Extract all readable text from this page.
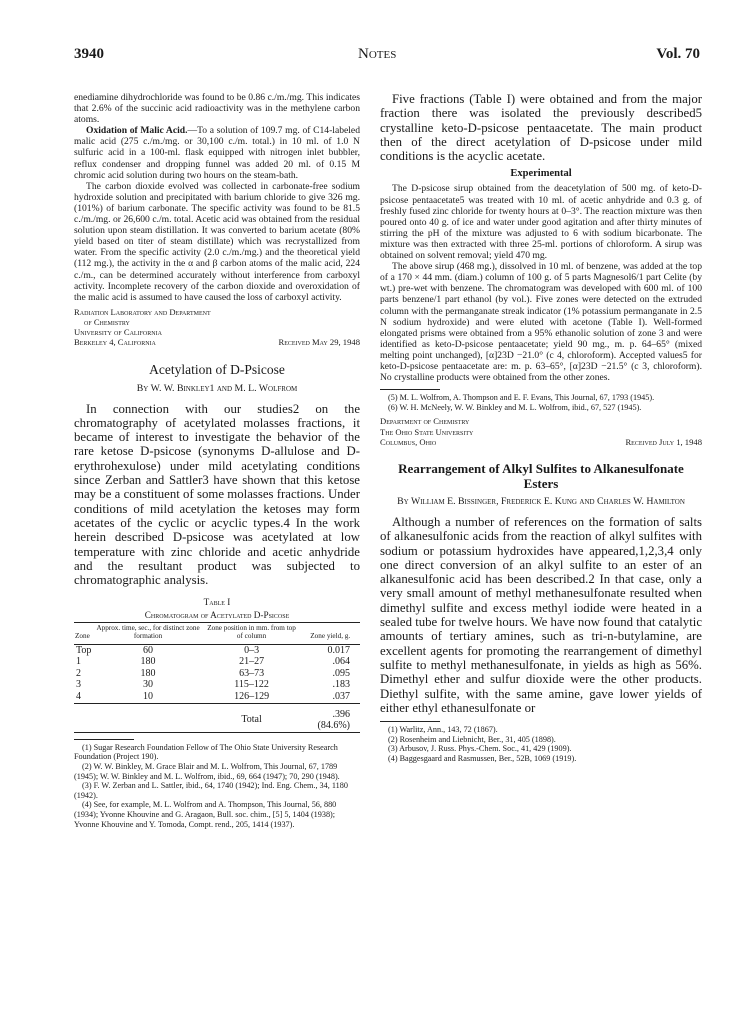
3940	Notes	Vol. 70

enediamine dihydrochloride was found to be 0.86 c./m./mg. This indicates that 2.6% of the succinic acid radioactivity was in the methylene carbon atoms.

Oxidation of Malic Acid.—To a solution of 109.7 mg. of C14-labeled malic acid (275 c./m./mg. or 30,100 c./m. total.) in 10 ml. of 1.0 N sulfuric acid in a 100-ml. flask equipped with nitrogen inlet bubbler, reflux condenser and dropping funnel was added 20 ml. of 0.15 M chromic acid solution during two hours on the steam-bath.

The carbon dioxide evolved was collected in carbonate-free sodium hydroxide solution and precipitated with barium chloride to give 326 mg. (101%) of barium carbonate. The specific activity was found to be 81.5 c./m./mg. or 26,600 c./m. total. Acetic acid was obtained from the residual solution upon steam distillation. It was converted to barium acetate (80% yield based on titer of steam distillate) which was recrystallized from water. From the specific activity (2.0 c./m./mg.) and the theoretical yield (112 mg.), the activity in the α and β carbon atoms of the malic acid, 224 c./m., can be determined accurately without interference from carboxyl activity. Incomplete recovery of the carbon dioxide and overoxidation of the malic acid is assumed to have caused the loss of carboxyl activity.

Radiation Laboratory and Department
of Chemistry
University of California
Berkeley 4, California	Received May 29, 1948
Acetylation of D-Psicose
By W. W. Binkley1 and M. L. Wolfrom

In connection with our studies2 on the chromatography of acetylated molasses fractions, it became of interest to investigate the behavior of the rare ketose D-psicose (synonyms D-allulose and D-erythrohexulose) under mild acetylating conditions since Zerban and Sattler3 have shown that this ketose may be a constituent of some molasses fractions. Under conditions of mild acetylation the ketoses may form acetates of the cyclic or acyclic types.4 In the work herein described D-psicose was acetylated at low temperature with zinc chloride and acetic anhydride and the resultant product was subjected to chromatographic analysis.

Table I
Chromatogram of Acetylated D-Psicose
Zone	Approx. time, sec., for distinct zone formation	Zone position in mm. from top of column	Zone yield, g.
Top	60	0–3	0.017
1	180	21–27	.064
2	180	63–73	.095
3	30	115–122	.183
4	10	126–129	.037
		Total	.396 (84.6%)
(1) Sugar Research Foundation Fellow of The Ohio State University Research Foundation (Project 190).
(2) W. W. Binkley, M. Grace Blair and M. L. Wolfrom, This Journal, 67, 1789 (1945); W. W. Binkley and M. L. Wolfrom, ibid., 69, 664 (1947); 70, 290 (1948).
(3) F. W. Zerban and L. Sattler, ibid., 64, 1740 (1942); Ind. Eng. Chem., 34, 1180 (1942).
(4) See, for example, M. L. Wolfrom and A. Thompson, This Journal, 56, 880 (1934); Yvonne Khouvine and G. Aragaon, Bull. soc. chim., [5] 5, 1404 (1938); Yvonne Khouvine and Y. Tomoda, Compt. rend., 205, 1414 (1937).

Five fractions (Table I) were obtained and from the major fraction there was isolated the previously described5 crystalline keto-D-psicose pentaacetate. The main product then of the direct acetylation of D-psicose under mild conditions is the acyclic acetate.

Experimental

The D-psicose sirup obtained from the deacetylation of 500 mg. of keto-D-psicose pentaacetate5 was treated with 10 ml. of acetic anhydride and 0.3 g. of freshly fused zinc chloride for twenty hours at 0–3°. The reaction mixture was then poured onto 40 g. of ice and water under good agitation and after thirty minutes of stirring the pH of the mixture was adjusted to 6 with sodium bicarbonate. The mixture was then extracted with three 25-ml. portions of chloroform. A sirup was obtained on solvent removal; yield 470 mg.

The above sirup (468 mg.), dissolved in 10 ml. of benzene, was added at the top of a 170 × 44 mm. (diam.) column of 100 g. of 5 parts Magnesol6/1 part Celite (by wt.) pre-wet with benzene. The chromatogram was developed with 600 ml. of 100 parts benzene/1 part ethanol (by vol.). Five zones were detected on the extruded column with the permanganate streak indicator (1% potassium permanganate in 2.5 N sodium hydroxide) and were eluted with acetone (Table I). Well-formed elongated prisms were obtained from a 95% ethanolic solution of zone 3 and were identified as keto-D-psicose pentaacetate; yield 90 mg., m. p. 64–65° (mixed melting point unchanged), [α]23D −21.0° (c 4, chloroform). Accepted values5 for keto-D-psicose pentaacetate are: m. p. 63–65°, [α]23D −21.5° (c 3, chloroform). No crystalline products were obtained from the other zones.

(5) M. L. Wolfrom, A. Thompson and E. F. Evans, This Journal, 67, 1793 (1945).
(6) W. H. McNeely, W. W. Binkley and M. L. Wolfrom, ibid., 67, 527 (1945).
Department of Chemistry
The Ohio State University
Columbus, Ohio	Received July 1, 1948
Rearrangement of Alkyl Sulfites to Alkanesulfonate Esters
By William E. Bissinger, Frederick E. Kung and Charles W. Hamilton

Although a number of references on the formation of salts of alkanesulfonic acids from the reaction of alkyl sulfites with sodium or potassium hydroxides have appeared,1,2,3,4 only one direct conversion of an alkyl sulfite to an ester of an alkanesulfonic acid has been described.2 In that case, only a very small amount of methyl methanesulfonate resulted when dimethyl sulfite and excess methyl iodide were heated in a sealed tube for twelve hours. We have now found that catalytic amounts of tertiary amines, such as tri-n-butylamine, are excellent agents for promoting the rearrangement of dimethyl sulfite to methyl methanesulfonate, in yields as high as 56%. Dimethyl ether and sulfur dioxide were the other products. Diethyl sulfite, with the same amine, gave lower yields of either ethyl ethanesulfonate or

(1) Warlitz, Ann., 143, 72 (1867).
(2) Rosenheim and Liebnicht, Ber., 31, 405 (1898).
(3) Arbusov, J. Russ. Phys.-Chem. Soc., 41, 429 (1909).
(4) Baggesgaard and Rasmussen, Ber., 52B, 1069 (1919).
